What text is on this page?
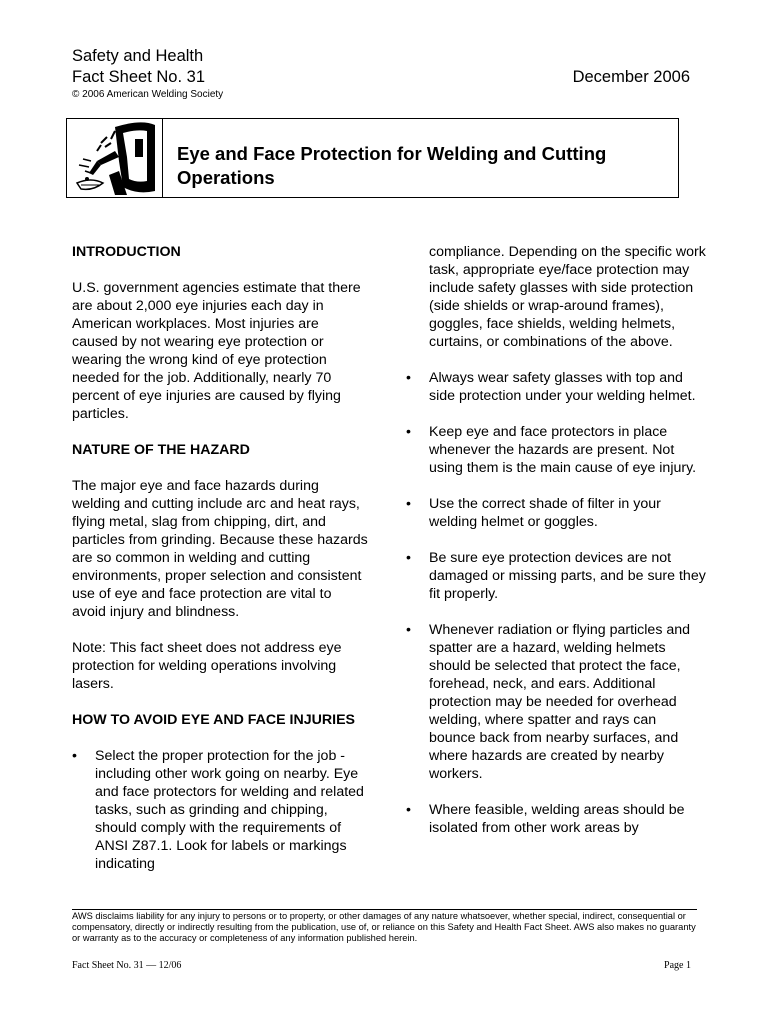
Safety and Health
Fact Sheet No. 31
© 2006 American Welding Society
December 2006
Eye and Face Protection for Welding and Cutting Operations
INTRODUCTION

U.S. government agencies estimate that there are about 2,000 eye injuries each day in American workplaces. Most injuries are caused by not wearing eye protection or wearing the wrong kind of eye protection needed for the job. Additionally, nearly 70 percent of eye injuries are caused by flying particles.

NATURE OF THE HAZARD

The major eye and face hazards during welding and cutting include arc and heat rays, flying metal, slag from chipping, dirt, and particles from grinding. Because these hazards are so common in welding and cutting environments, proper selection and consistent use of eye and face protection are vital to avoid injury and blindness.

Note: This fact sheet does not address eye protection for welding operations involving lasers.

HOW TO AVOID EYE AND FACE INJURIES
• Select the proper protection for the job - including other work going on nearby. Eye and face protectors for welding and related tasks, such as grinding and chipping, should comply with the requirements of ANSI Z87.1. Look for labels or markings indicating

compliance. Depending on the specific work task, appropriate eye/face protection may include safety glasses with side protection (side shields or wrap-around frames), goggles, face shields, welding helmets, curtains, or combinations of the above.

• Always wear safety glasses with top and side protection under your welding helmet.
• Keep eye and face protectors in place whenever the hazards are present. Not using them is the main cause of eye injury.
• Use the correct shade of filter in your welding helmet or goggles.
• Be sure eye protection devices are not damaged or missing parts, and be sure they fit properly.
• Whenever radiation or flying particles and spatter are a hazard, welding helmets should be selected that protect the face, forehead, neck, and ears. Additional protection may be needed for overhead welding, where spatter and rays can bounce back from nearby surfaces, and where hazards are created by nearby workers.
• Where feasible, welding areas should be isolated from other work areas by
AWS disclaims liability for any injury to persons or to property, or other damages of any nature whatsoever, whether special, indirect, consequential or compensatory, directly or indirectly resulting from the publication, use of, or reliance on this Safety and Health Fact Sheet. AWS also makes no guaranty or warranty as to the accuracy or completeness of any information published herein.
Fact Sheet No. 31 — 12/06	Page 1
